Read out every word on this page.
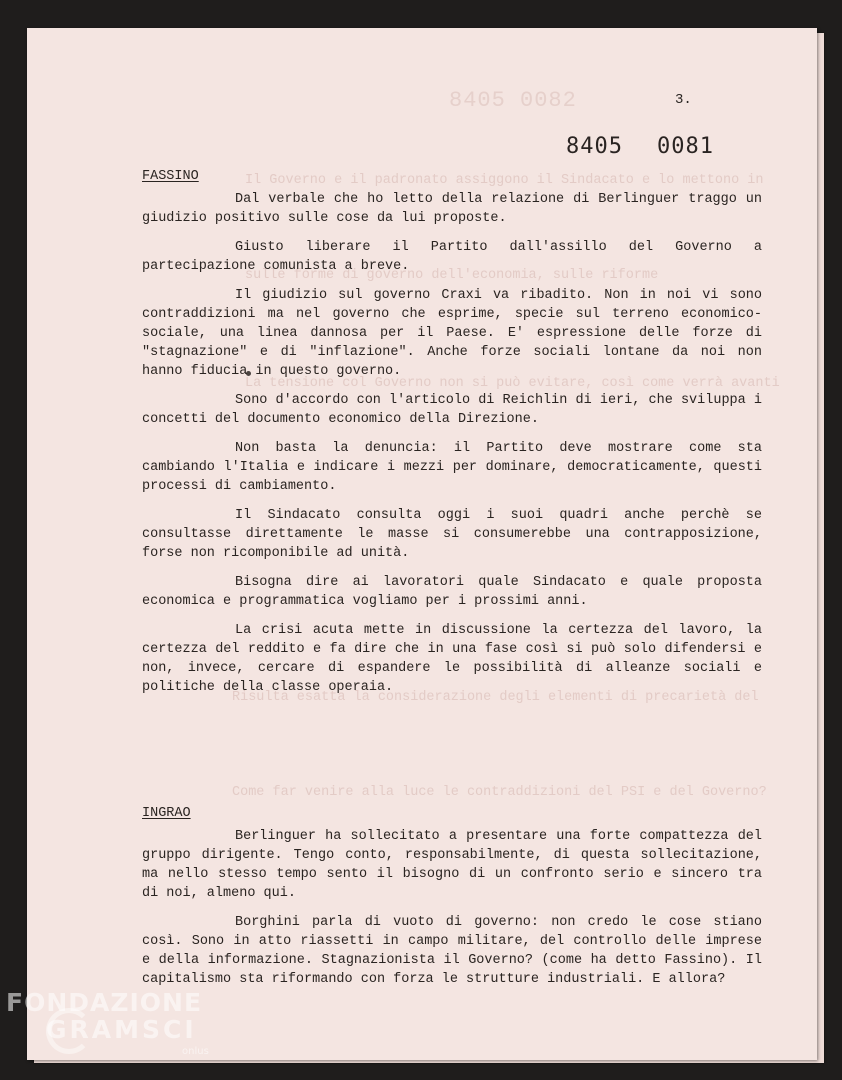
Il Governo e il padronato assiggono il Sindacato e lo mettono in
sulle forme di governo dell'economia, sulle riforme
La tensione col Governo non si può evitare, così come verrà avanti
Risulta esatta la considerazione degli elementi di precarietà del
Come far venire alla luce le contraddizioni del PSI e del Governo?
8405 0082	3.
8405 0081
FASSINO

Dal verbale che ho letto della relazione di Berlinguer traggo un giudizio positivo sulle cose da lui proposte.

Giusto liberare il Partito dall'assillo del Governo a partecipazione comunista a breve.

Il giudizio sul governo Craxi va ribadito. Non in noi vi sono contraddizioni ma nel governo che esprime, specie sul terreno economico-sociale, una linea dannosa per il Paese. E' espressione delle forze di "stagnazione" e di "inflazione". Anche forze sociali lontane da noi non hanno fiducia in questo governo.

Sono d'accordo con l'articolo di Reichlin di ieri, che sviluppa i concetti del documento economico della Direzione.

Non basta la denuncia: il Partito deve mostrare come sta cambiando l'Italia e indicare i mezzi per dominare, democraticamente, questi processi di cambiamento.

Il Sindacato consulta oggi i suoi quadri anche perchè se consultasse direttamente le masse si consumerebbe una contrapposizione, forse non ricomponibile ad unità.

Bisogna dire ai lavoratori quale Sindacato e quale proposta economica e programmatica vogliamo per i prossimi anni.

La crisi acuta mette in discussione la certezza del lavoro, la certezza del reddito e fa dire che in una fase così si può solo difendersi e non, invece, cercare di espandere le possibilità di alleanze sociali e politiche della classe operaia.

INGRAO

Berlinguer ha sollecitato a presentare una forte compattezza del gruppo dirigente. Tengo conto, responsabilmente, di questa sollecitazione, ma nello stesso tempo sento il bisogno di un confronto serio e sincero tra di noi, almeno qui.

Borghini parla di vuoto di governo: non credo le cose stiano così. Sono in atto riassetti in campo militare, del controllo delle imprese e della informazione. Stagnazionista il Governo? (come ha detto Fassino). Il capitalismo sta riformando con forza le strutture industriali. E allora?

FONDAZIONE
GRAMSCI
onlus
